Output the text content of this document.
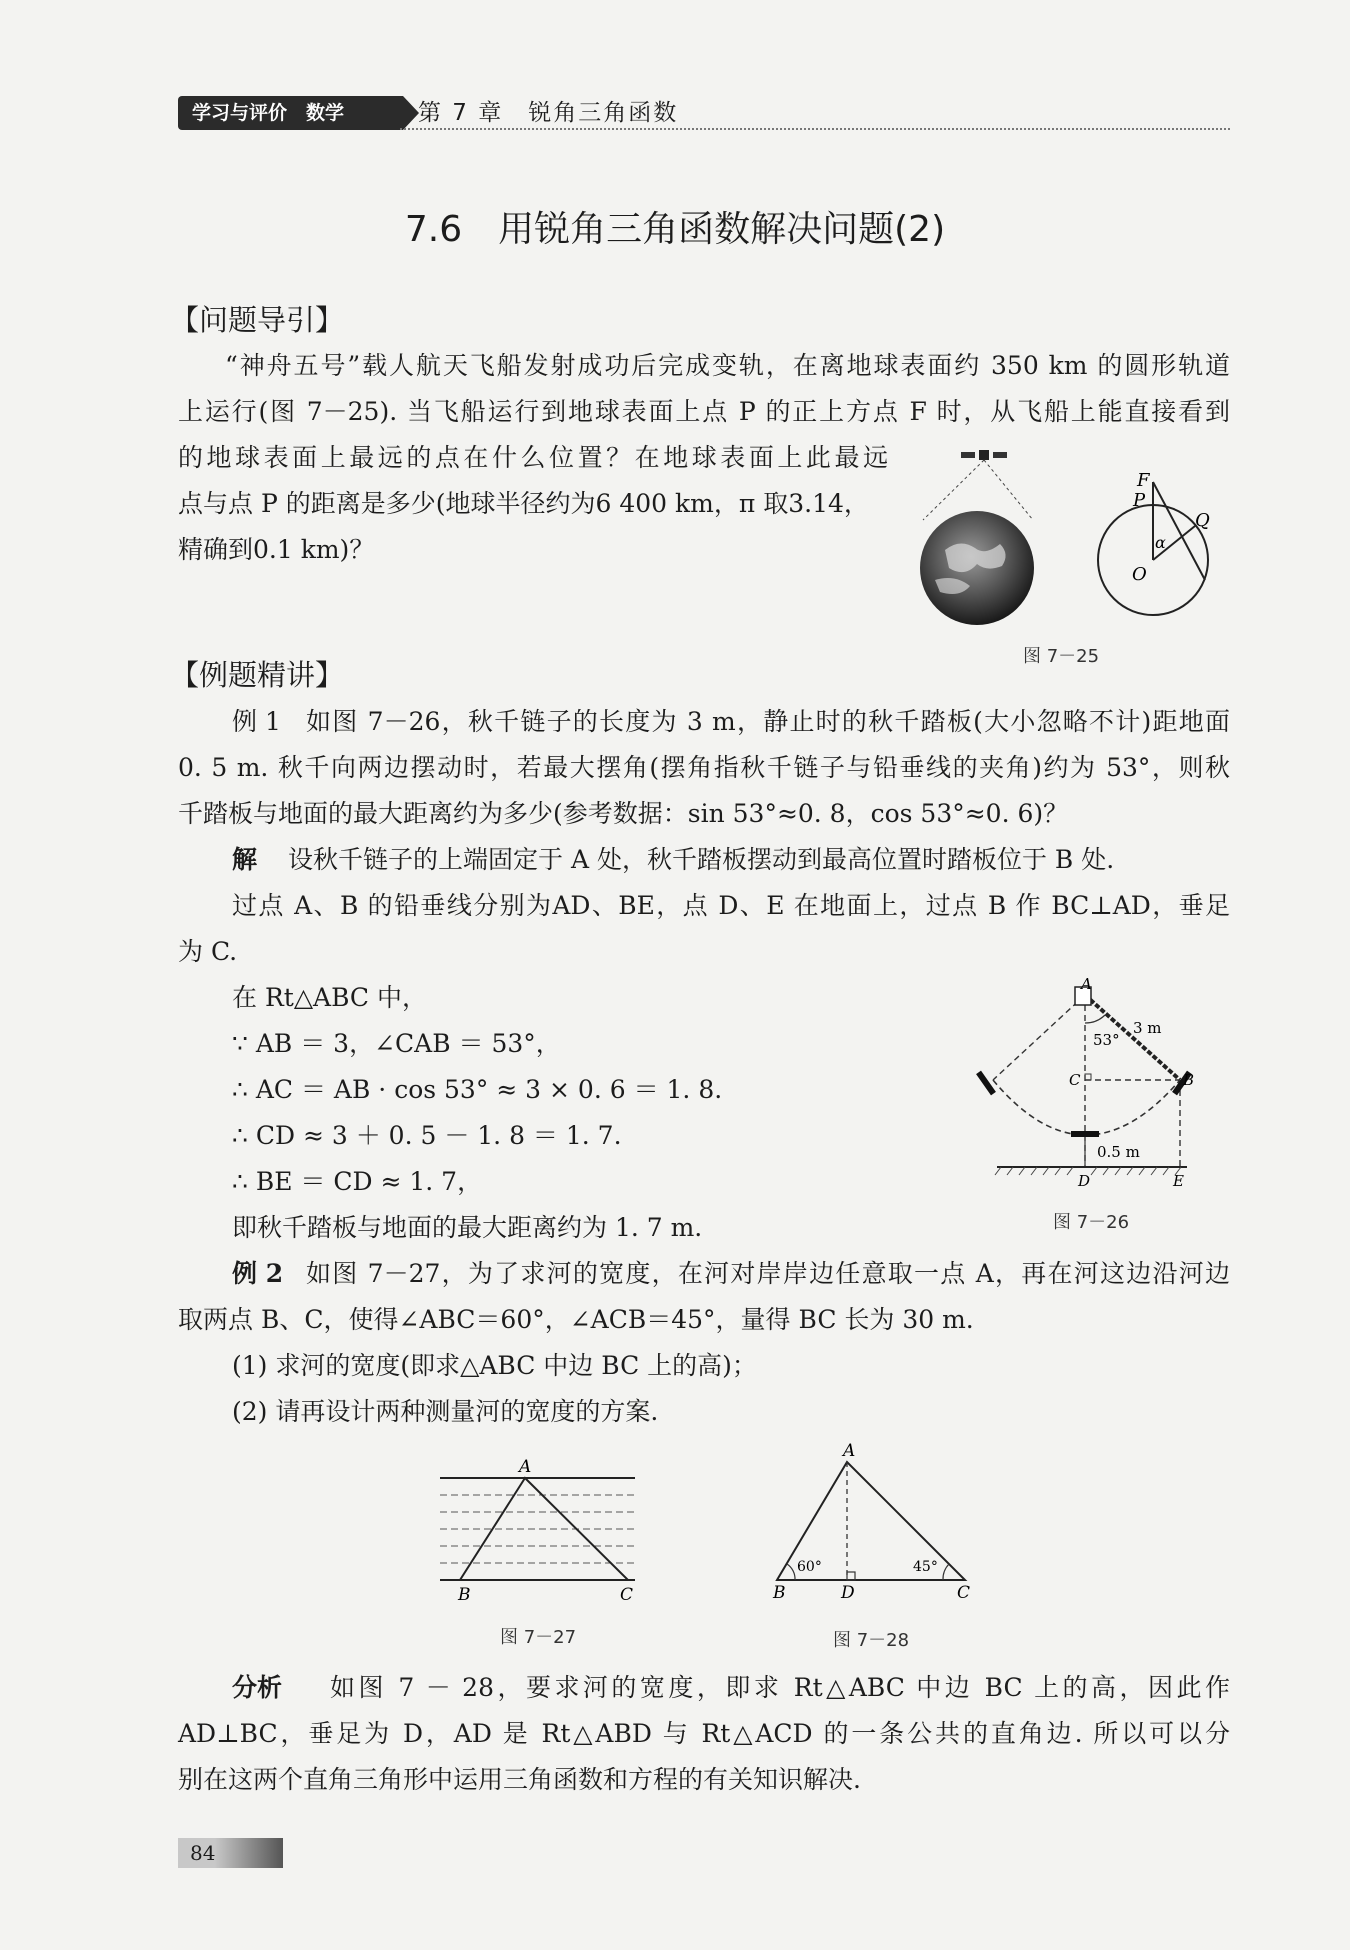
学习与评价　数学	第 7 章　锐角三角函数
7.6　用锐角三角函数解决问题(2)
【问题导引】
“神舟五号”载人航天飞船发射成功后完成变轨，在离地球表面约 350 km 的圆形轨道
上运行(图 7－25). 当飞船运行到地球表面上点 P 的正上方点 F 时，从飞船上能直接看到
的地球表面上最远的点在什么位置？在地球表面上此最远
点与点 P 的距离是多少(地球半径约为6 400 km，π 取3.14，
精确到0.1 km)？
F
P
Q
O
α
图 7－25
【例题精讲】
例 1 如图 7－26，秋千链子的长度为 3 m，静止时的秋千踏板(大小忽略不计)距地面
0. 5 m. 秋千向两边摆动时，若最大摆角(摆角指秋千链子与铅垂线的夹角)约为 53°，则秋
千踏板与地面的最大距离约为多少(参考数据：sin 53°≈0. 8，cos 53°≈0. 6)？
解 设秋千链子的上端固定于 A 处，秋千踏板摆动到最高位置时踏板位于 B 处.
过点 A、B 的铅垂线分别为AD、BE，点 D、E 在地面上，过点 B 作 BC⊥AD，垂足
为 C.
在 Rt△ABC 中，
∵ AB ＝ 3，∠CAB ＝ 53°，
∴ AC ＝ AB · cos 53° ≈ 3 × 0. 6 ＝ 1. 8.
∴ CD ≈ 3 ＋ 0. 5 － 1. 8 ＝ 1. 7.
∴ BE ＝ CD ≈ 1. 7，
即秋千踏板与地面的最大距离约为 1. 7 m.
A
B
C
D	E
53°
3 m
0.5 m
图 7－26
例 2 如图 7－27，为了求河的宽度，在河对岸岸边任意取一点 A，再在河这边沿河边
取两点 B、C，使得∠ABC＝60°，∠ACB＝45°，量得 BC 长为 30 m.
(1) 求河的宽度(即求△ABC 中边 BC 上的高)；
(2) 请再设计两种测量河的宽度的方案.
A
B	C
图 7－27
A
B	D	C
60°	45°
图 7－28
分析 如图 7 － 28，要求河的宽度，即求 Rt△ABC 中边 BC 上的高，因此作
AD⊥BC，垂足为 D，AD 是 Rt△ABD 与 Rt△ACD 的一条公共的直角边. 所以可以分
别在这两个直角三角形中运用三角函数和方程的有关知识解决.
84
